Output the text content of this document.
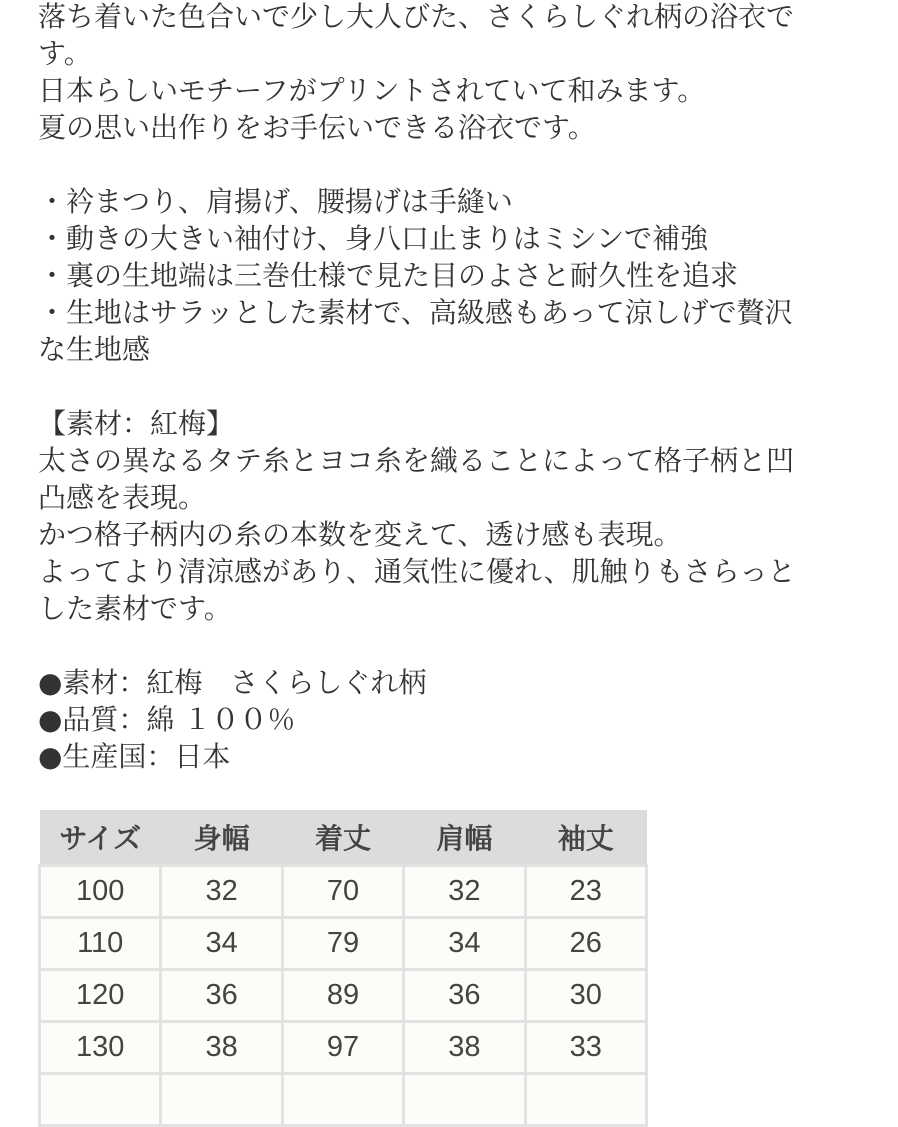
落ち着いた色合いで少し大人びた、さくらしぐれ柄の浴衣で
す。
日本らしいモチーフがプリントされていて和みます。
夏の思い出作りをお手伝いできる浴衣です。
・衿まつり、肩揚げ、腰揚げは手縫い
・動きの大きい袖付け、身八口止まりはミシンで補強
・裏の生地端は三巻仕様で見た目のよさと耐久性を追求
・生地はサラッとした素材で、高級感もあって涼しげで贅沢
な生地感
【素材：紅梅】
太さの異なるタテ糸とヨコ糸を織ることによって格子柄と凹
凸感を表現。
かつ格子柄内の糸の本数を変えて、透け感も表現。
よってより清涼感があり、通気性に優れ、肌触りもさらっと
した素材です。
●素材：紅梅　さくらしぐれ柄
●品質：綿 １００％
●生産国：日本
サイズ	身幅	着丈	肩幅	袖丈
100	32	70	32	23
110	34	79	34	26
120	36	89	36	30
130	38	97	38	33
